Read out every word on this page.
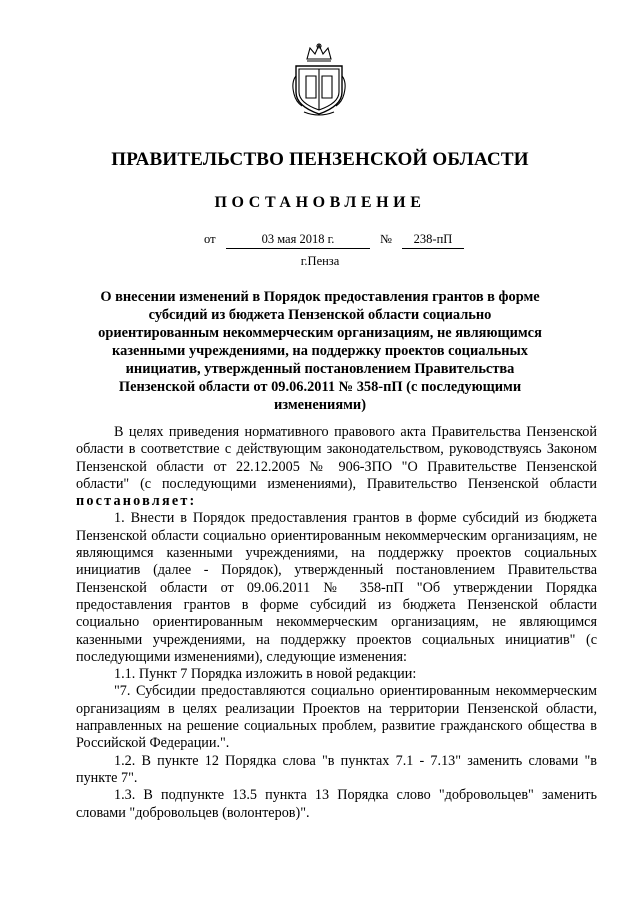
ПРАВИТЕЛЬСТВО ПЕНЗЕНСКОЙ ОБЛАСТИ
ПОСТАНОВЛЕНИЕ
от	03 мая 2018 г.	№	238-пП
г.Пенза
О внесении изменений в Порядок предоставления грантов в форме субсидий из бюджета Пензенской области социально ориентированным некоммерческим организациям, не являющимся казенными учреждениями, на поддержку проектов социальных инициатив, утвержденный постановлением Правительства Пензенской области от 09.06.2011 № 358-пП (с последующими изменениями)

В целях приведения нормативного правового акта Правительства Пензенской области в соответствие с действующим законодательством, руководствуясь Законом Пензенской области от 22.12.2005 № 906-ЗПО "О Правительстве Пензенской области" (с последующими изменениями), Правительство Пензенской области постановляет:

1. Внести в Порядок предоставления грантов в форме субсидий из бюджета Пензенской области социально ориентированным некоммерческим организациям, не являющимся казенными учреждениями, на поддержку проектов социальных инициатив (далее - Порядок), утвержденный постановлением Правительства Пензенской области от 09.06.2011 № 358-пП "Об утверждении Порядка предоставления грантов в форме субсидий из бюджета Пензенской области социально ориентированным некоммерческим организациям, не являющимся казенными учреждениями, на поддержку проектов социальных инициатив" (с последующими изменениями), следующие изменения:

1.1. Пункт 7 Порядка изложить в новой редакции:

"7. Субсидии предоставляются социально ориентированным некоммерческим организациям в целях реализации Проектов на территории Пензенской области, направленных на решение социальных проблем, развитие гражданского общества в Российской Федерации.".

1.2. В пункте 12 Порядка слова "в пунктах 7.1 - 7.13" заменить словами "в пункте 7".

1.3. В подпункте 13.5 пункта 13 Порядка слово "добровольцев" заменить словами "добровольцев (волонтеров)".
